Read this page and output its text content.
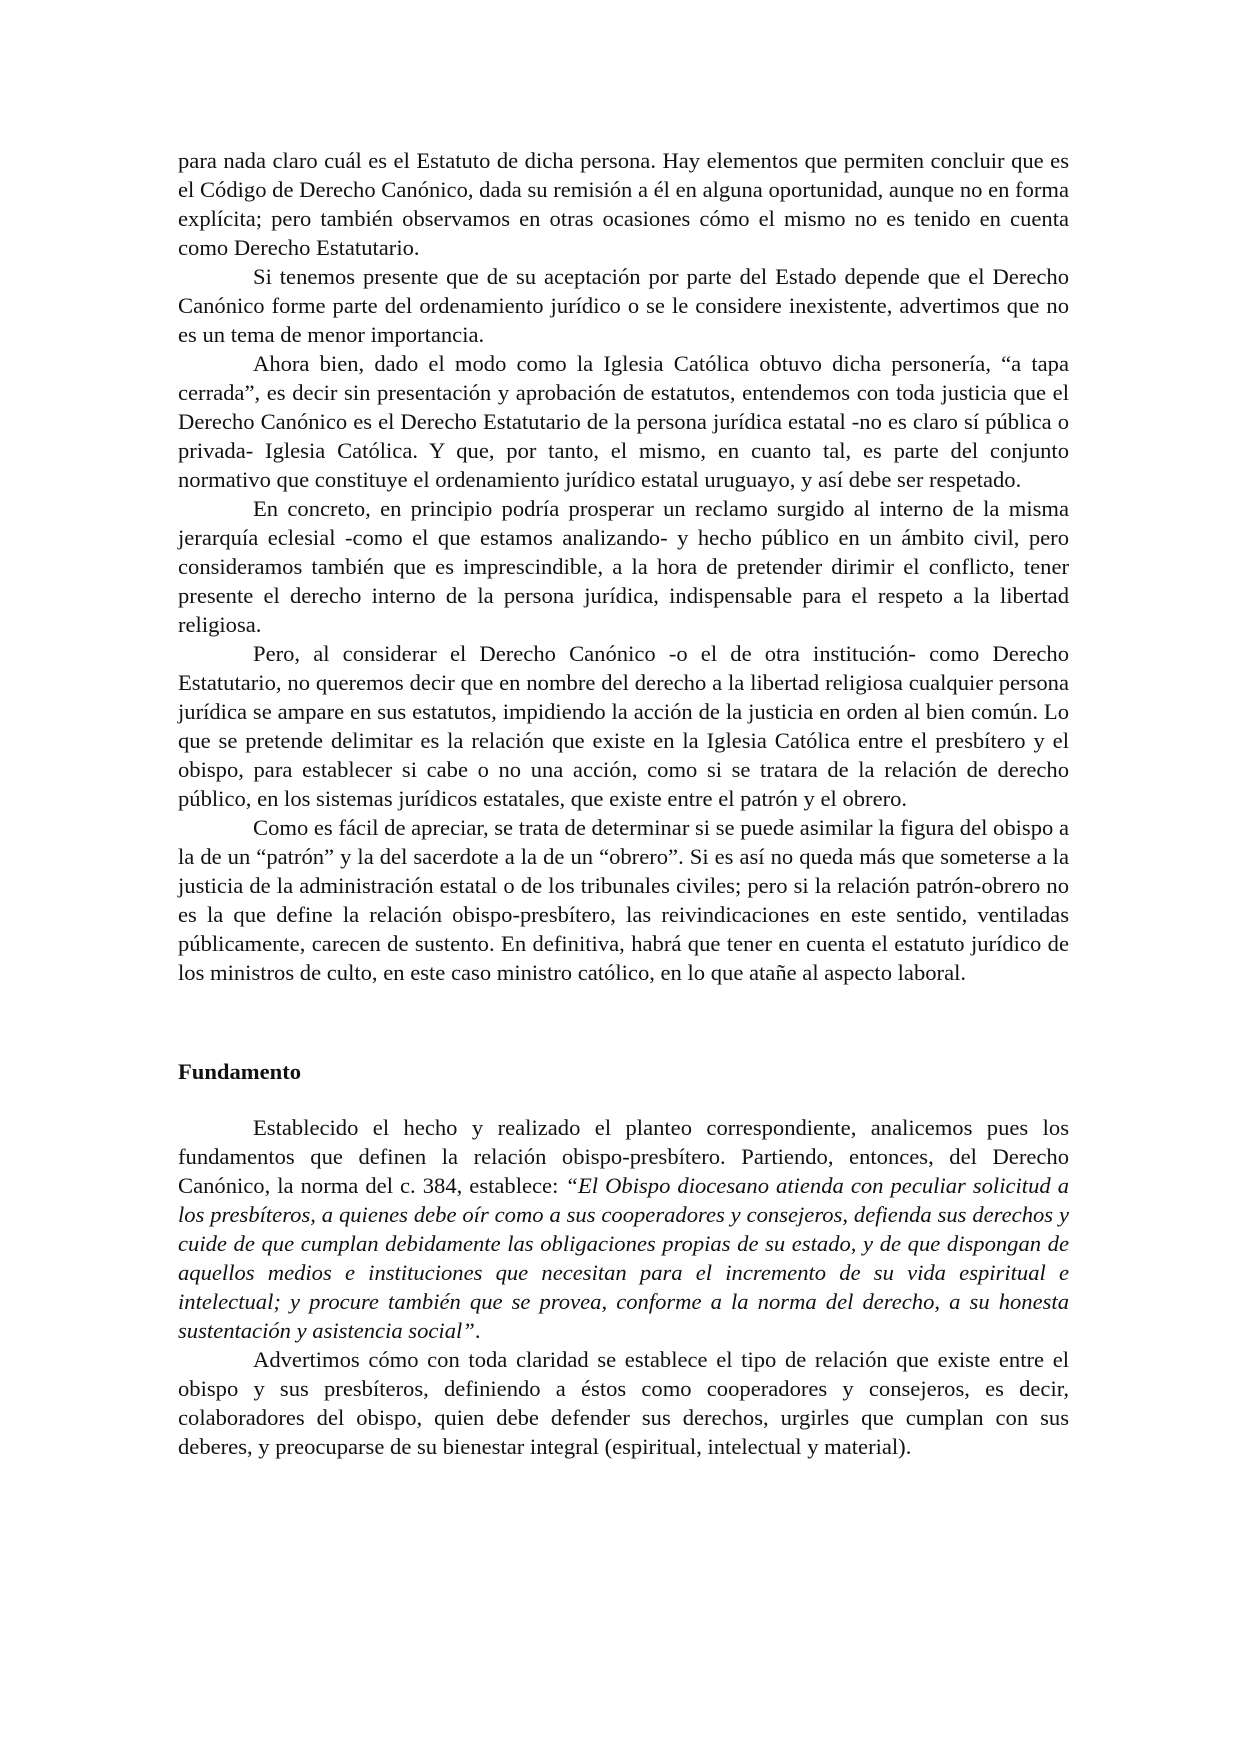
para nada claro cuál es el Estatuto de dicha persona. Hay elementos que permiten concluir que es el Código de Derecho Canónico, dada su remisión a él en alguna oportunidad, aunque no en forma explícita; pero también observamos en otras ocasiones cómo el mismo no es tenido en cuenta como Derecho Estatutario.

Si tenemos presente que de su aceptación por parte del Estado depende que el Derecho Canónico forme parte del ordenamiento jurídico o se le considere inexistente, advertimos que no es un tema de menor importancia.

Ahora bien, dado el modo como la Iglesia Católica obtuvo dicha personería, “a tapa cerrada”, es decir sin presentación y aprobación de estatutos, entendemos con toda justicia que el Derecho Canónico es el Derecho Estatutario de la persona jurídica estatal -no es claro sí pública o privada- Iglesia Católica. Y que, por tanto, el mismo, en cuanto tal, es parte del conjunto normativo que constituye el ordenamiento jurídico estatal uruguayo, y así debe ser respetado.

En concreto, en principio podría prosperar un reclamo surgido al interno de la misma jerarquía eclesial -como el que estamos analizando- y hecho público en un ámbito civil, pero consideramos también que es imprescindible, a la hora de pretender dirimir el conflicto, tener presente el derecho interno de la persona jurídica, indispensable para el respeto a la libertad religiosa.

Pero, al considerar el Derecho Canónico -o el de otra institución- como Derecho Estatutario, no queremos decir que en nombre del derecho a la libertad religiosa cualquier persona jurídica se ampare en sus estatutos, impidiendo la acción de la justicia en orden al bien común. Lo que se pretende delimitar es la relación que existe en la Iglesia Católica entre el presbítero y el obispo, para establecer si cabe o no una acción, como si se tratara de la relación de derecho público, en los sistemas jurídicos estatales, que existe entre el patrón y el obrero.

Como es fácil de apreciar, se trata de determinar si se puede asimilar la figura del obispo a la de un “patrón” y la del sacerdote a la de un “obrero”. Si es así no queda más que someterse a la justicia de la administración estatal o de los tribunales civiles; pero si la relación patrón-obrero no es la que define la relación obispo-presbítero, las reivindicaciones en este sentido, ventiladas públicamente, carecen de sustento. En definitiva, habrá que tener en cuenta el estatuto jurídico de los ministros de culto, en este caso ministro católico, en lo que atañe al aspecto laboral.

Fundamento

Establecido el hecho y realizado el planteo correspondiente, analicemos pues los fundamentos que definen la relación obispo-presbítero. Partiendo, entonces, del Derecho Canónico, la norma del c. 384, establece: “El Obispo diocesano atienda con peculiar solicitud a los presbíteros, a quienes debe oír como a sus cooperadores y consejeros, defienda sus derechos y cuide de que cumplan debidamente las obligaciones propias de su estado, y de que dispongan de aquellos medios e instituciones que necesitan para el incremento de su vida espiritual e intelectual; y procure también que se provea, conforme a la norma del derecho, a su honesta sustentación y asistencia social”.

Advertimos cómo con toda claridad se establece el tipo de relación que existe entre el obispo y sus presbíteros, definiendo a éstos como cooperadores y consejeros, es decir, colaboradores del obispo, quien debe defender sus derechos, urgirles que cumplan con sus deberes, y preocuparse de su bienestar integral (espiritual, intelectual y material).
